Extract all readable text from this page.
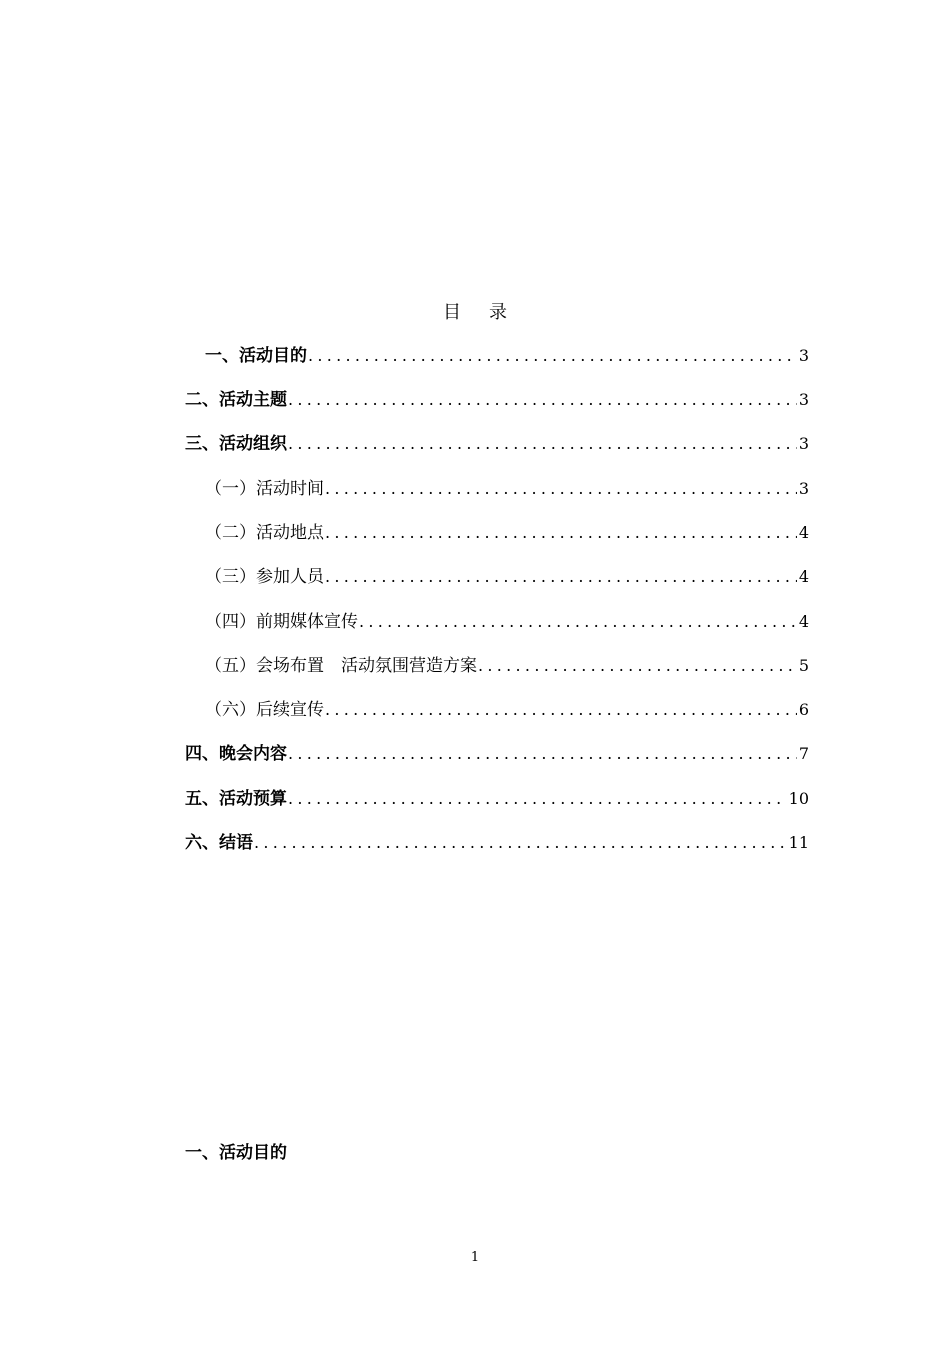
目 录
一、活动目的 .....	3
二、活动主题 .....	3
三、活动组织 .....	3
（一）活动时间 .....	3
（二）活动地点 .....	4
（三）参加人员 .....	4
（四）前期媒体宣传 .....	4
（五）会场布置　活动氛围营造方案 .....	5
（六）后续宣传 .....	6
四、晚会内容 .....	7
五、活动预算 .....	10
六、结语 .....	11
一、活动目的
1
